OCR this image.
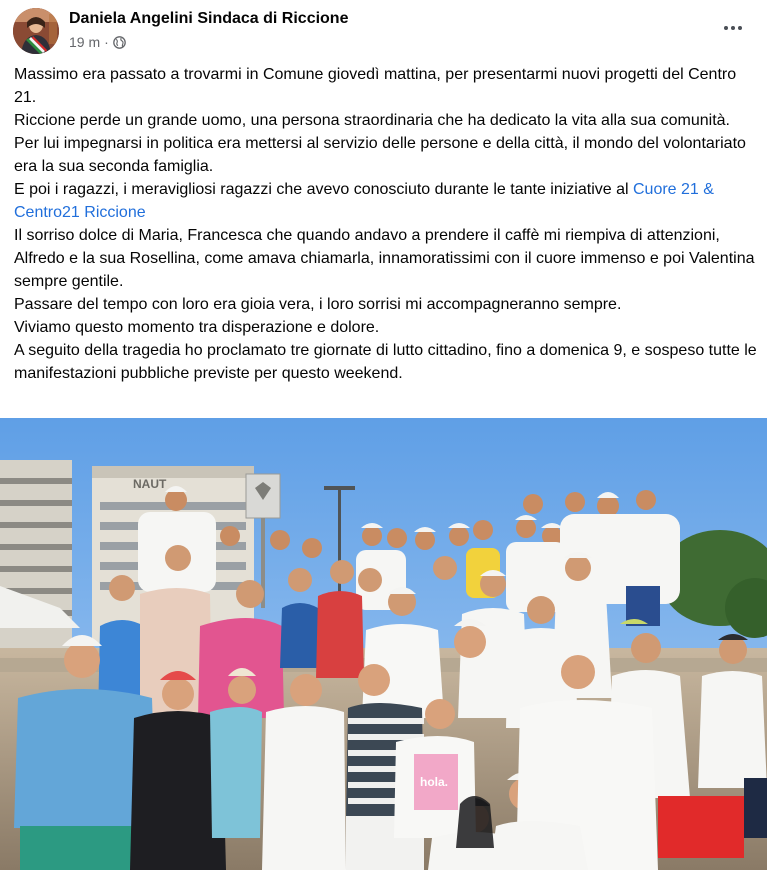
Daniela Angelini Sindaca di Riccione
19 m ·

Massimo era passato a trovarmi in Comune giovedì mattina, per presentarmi nuovi progetti del Centro 21.

Riccione perde un grande uomo, una persona straordinaria che ha dedicato la vita alla sua comunità.

Per lui impegnarsi in politica era mettersi al servizio delle persone e della città, il mondo del volontariato era la sua seconda famiglia.

E poi i ragazzi, i meravigliosi ragazzi che avevo conosciuto durante le tante iniziative al Cuore 21 & Centro21 Riccione

Il sorriso dolce di Maria, Francesca che quando andavo a prendere il caffè mi riempiva di attenzioni, Alfredo e la sua Rosellina, come amava chiamarla, innamoratissimi con il cuore immenso e poi Valentina sempre gentile.

Passare del tempo con loro era gioia vera, i loro sorrisi mi accompagneranno sempre.

Viviamo questo momento tra disperazione e dolore.

A seguito della tragedia ho proclamato tre giornate di lutto cittadino, fino a domenica 9, e sospeso tutte le manifestazioni pubbliche previste per questo weekend.

NAUT
hola.
